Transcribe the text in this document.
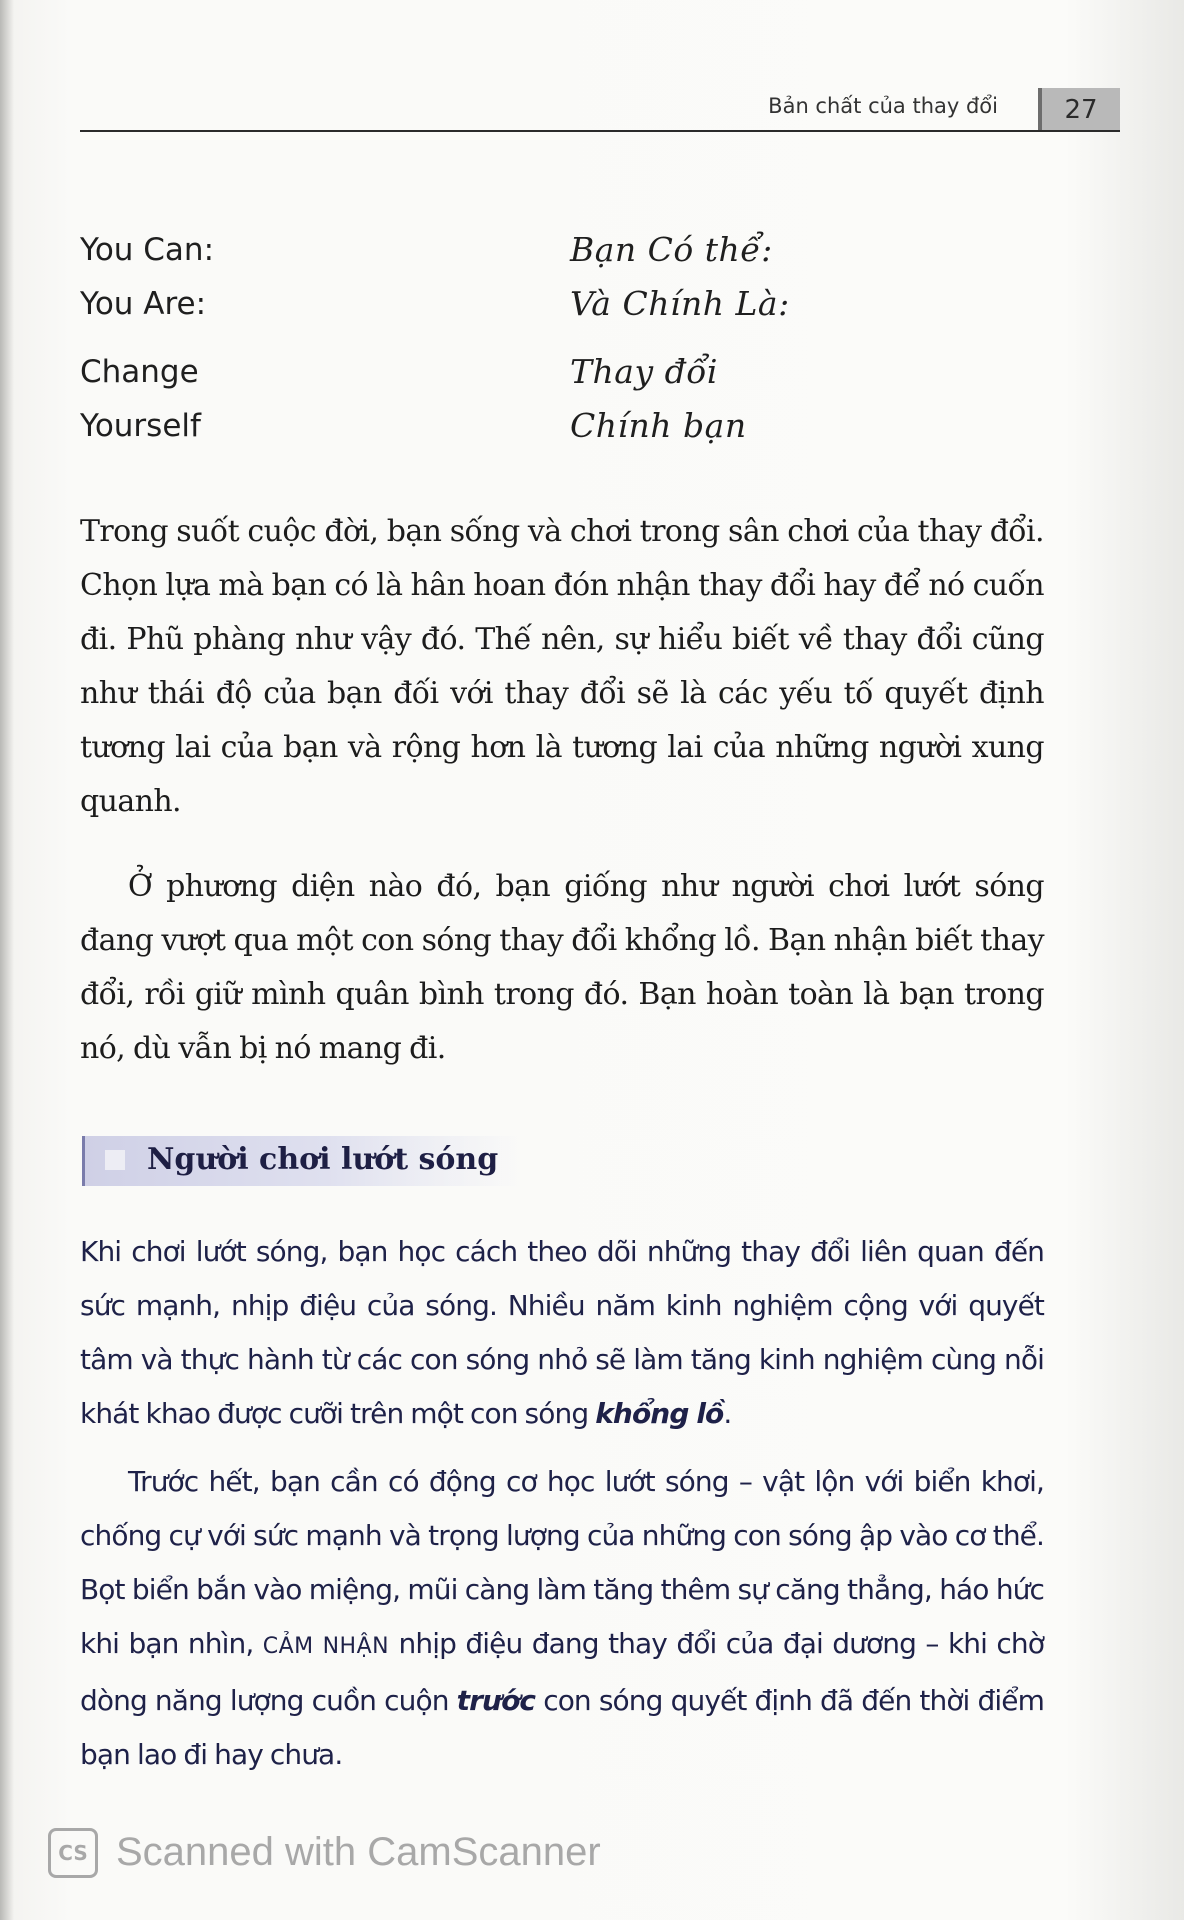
Bản chất của thay đổi	27
You Can:	Bạn Có thể:
You Are:	Và Chính Là:
Change	Thay đổi
Yourself	Chính bạn

Trong suốt cuộc đời, bạn sống và chơi trong sân chơi của thay đổi. Chọn lựa mà bạn có là hân hoan đón nhận thay đổi hay để nó cuốn đi. Phũ phàng như vậy đó. Thế nên, sự hiểu biết về thay đổi cũng như thái độ của bạn đối với thay đổi sẽ là các yếu tố quyết định tương lai của bạn và rộng hơn là tương lai của những người xung quanh.

Ở phương diện nào đó, bạn giống như người chơi lướt sóng đang vượt qua một con sóng thay đổi khổng lồ. Bạn nhận biết thay đổi, rồi giữ mình quân bình trong đó. Bạn hoàn toàn là bạn trong nó, dù vẫn bị nó mang đi.

Người chơi lướt sóng

Khi chơi lướt sóng, bạn học cách theo dõi những thay đổi liên quan đến sức mạnh, nhịp điệu của sóng. Nhiều năm kinh nghiệm cộng với quyết tâm và thực hành từ các con sóng nhỏ sẽ làm tăng kinh nghiệm cùng nỗi khát khao được cưỡi trên một con sóng khổng lồ.

Trước hết, bạn cần có động cơ học lướt sóng – vật lộn với biển khơi, chống cự với sức mạnh và trọng lượng của những con sóng ập vào cơ thể. Bọt biển bắn vào miệng, mũi càng làm tăng thêm sự căng thẳng, háo hức khi bạn nhìn, CẢM NHẬN nhịp điệu đang thay đổi của đại dương – khi chờ dòng năng lượng cuồn cuộn trước con sóng quyết định đã đến thời điểm bạn lao đi hay chưa.

CS Scanned with CamScanner
